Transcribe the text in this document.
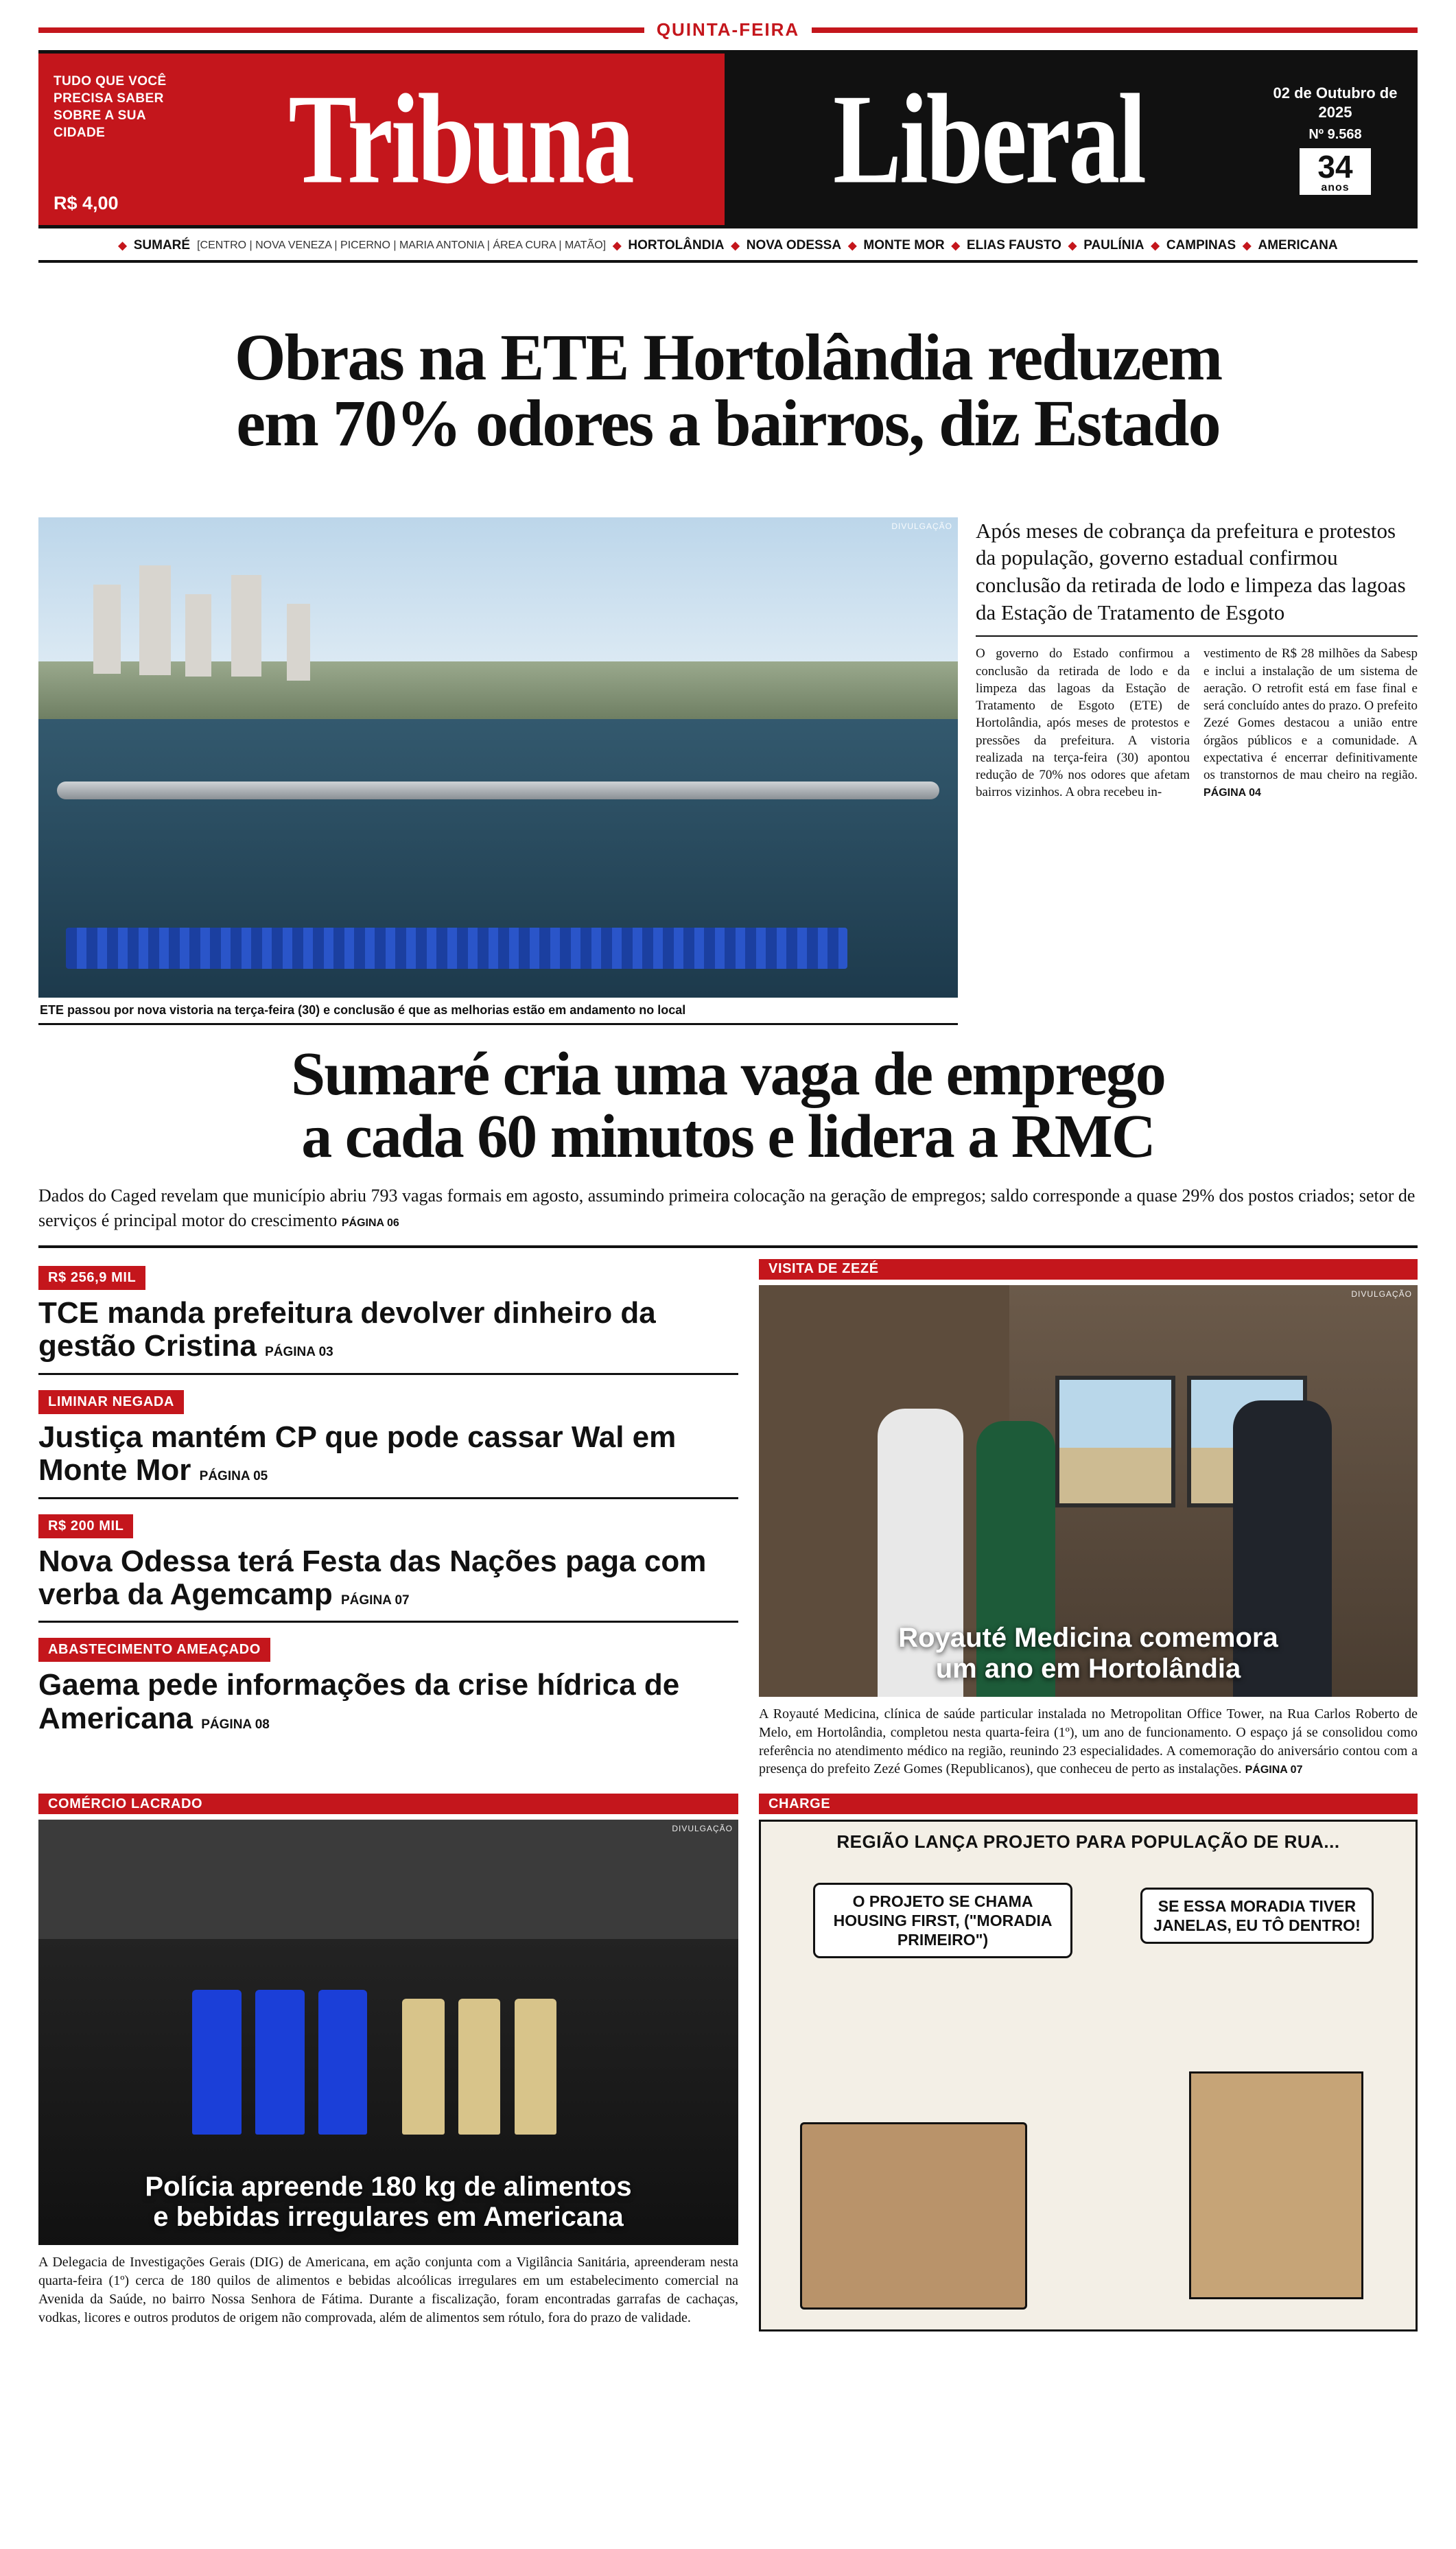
QUINTA-FEIRA
TUDO QUE VOCÊ PRECISA SABER SOBRE A SUA CIDADE
R$ 4,00	Tribuna Liberal	02 de Outubro de 2025
Nº 9.568
34
anos
◆ SUMARÉ [CENTRO | NOVA VENEZA | PICERNO | MARIA ANTONIA | ÁREA CURA | MATÃO] ◆ HORTOLÂNDIA ◆ NOVA ODESSA ◆ MONTE MOR ◆ ELIAS FAUSTO ◆ PAULÍNIA ◆ CAMPINAS ◆ AMERICANA
Obras na ETE Hortolândia reduzem
em 70% odores a bairros, diz Estado
DIVULGAÇÃO
ETE passou por nova vistoria na terça-feira (30) e conclusão é que as melhorias estão em andamento no local
Após meses de cobrança da prefeitura e protestos da população, governo estadual confirmou conclusão da retirada de lodo e limpeza das lagoas da Estação de Tratamento de Esgoto
O governo do Estado confirmou a conclusão da retirada de lodo e da limpeza das lagoas da Estação de Tratamento de Esgoto (ETE) de Hortolândia, após meses de protestos e pressões da prefeitura. A vistoria realizada na terça-feira (30) apontou redução de 70% nos odores que afetam bairros vizinhos. A obra recebeu in-
vestimento de R$ 28 milhões da Sabesp e inclui a instalação de um sistema de aeração. O retrofit está em fase final e será concluído antes do prazo. O prefeito Zezé Gomes destacou a união entre órgãos públicos e a comunidade. A expectativa é encerrar definitivamente os transtornos de mau cheiro na região. PÁGINA 04
Sumaré cria uma vaga de emprego
a cada 60 minutos e lidera a RMC
Dados do Caged revelam que município abriu 793 vagas formais em agosto, assumindo primeira colocação na geração de empregos; saldo corresponde a quase 29% dos postos criados; setor de serviços é principal motor do crescimento PÁGINA 06
R$ 256,9 MIL
TCE manda prefeitura devolver dinheiro da gestão Cristina PÁGINA 03
LIMINAR NEGADA
Justiça mantém CP que pode cassar Wal em Monte Mor PÁGINA 05
R$ 200 MIL
Nova Odessa terá Festa das Nações paga com verba da Agemcamp PÁGINA 07
ABASTECIMENTO AMEAÇADO
Gaema pede informações da crise hídrica de Americana PÁGINA 08
VISITA DE ZEZÉ
DIVULGAÇÃO
Royauté Medicina comemora
um ano em Hortolândia
A Royauté Medicina, clínica de saúde particular instalada no Metropolitan Office Tower, na Rua Carlos Roberto de Melo, em Hortolândia, completou nesta quarta-feira (1º), um ano de funcionamento. O espaço já se consolidou como referência no atendimento médico na região, reunindo 23 especialidades. A comemoração do aniversário contou com a presença do prefeito Zezé Gomes (Republicanos), que conheceu de perto as instalações. PÁGINA 07
COMÉRCIO LACRADO
DIVULGAÇÃO
Polícia apreende 180 kg de alimentos
e bebidas irregulares em Americana
A Delegacia de Investigações Gerais (DIG) de Americana, em ação conjunta com a Vigilância Sanitária, apreenderam nesta quarta-feira (1º) cerca de 180 quilos de alimentos e bebidas alcoólicas irregulares em um estabelecimento comercial na Avenida da Saúde, no bairro Nossa Senhora de Fátima. Durante a fiscalização, foram encontradas garrafas de cachaças, vodkas, licores e outros produtos de origem não comprovada, além de alimentos sem rótulo, fora do prazo de validade.
CHARGE
REGIÃO LANÇA PROJETO PARA POPULAÇÃO DE RUA...
O PROJETO SE CHAMA HOUSING FIRST, ("MORADIA PRIMEIRO")
SE ESSA MORADIA TIVER JANELAS, EU TÔ DENTRO!
